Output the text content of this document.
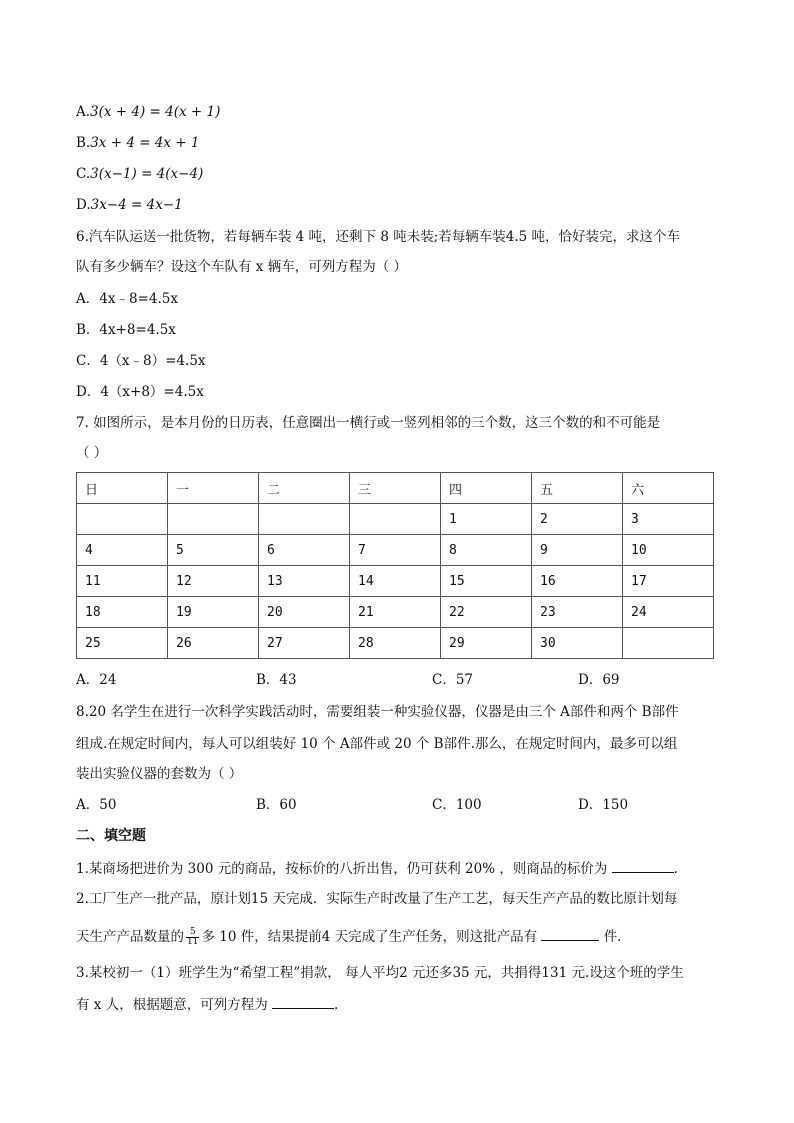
A.3(x + 4) = 4(x + 1)
B.3x + 4 = 4x + 1
C.3(x−1) = 4(x−4)
D.3x−4 = 4x−1
6.汽车队运送一批货物，若每辆车装 4 吨，还剩下 8 吨未装;若每辆车装4.5 吨，恰好装完，求这个车
队有多少辆车？设这个车队有 x 辆车，可列方程为（ ）
A．4x﹣8=4.5x
B．4x+8=4.5x
C．4（x﹣8）=4.5x
D．4（x+8）=4.5x
7. 如图所示，是本月份的日历表，任意圈出一横行或一竖列相邻的三个数，这三个数的和不可能是
（ ）
日	一	二	三	四	五	六
				1	2	3
4	5	6	7	8	9	10
11	12	13	14	15	16	17
18	19	20	21	22	23	24
25	26	27	28	29	30	
A．24	B．43	C．57	D．69
8.20 名学生在进行一次科学实践活动时，需要组装一种实验仪器，仪器是由三个 A部件和两个 B部件
组成.在规定时间内，每人可以组装好 10 个 A部件或 20 个 B部件.那么，在规定时间内，最多可以组
装出实验仪器的套数为（ ）
A．50	B．60	C．100	D．150
二、填空题
1.某商场把进价为 300 元的商品，按标价的八折出售，仍可获利 20% ，则商品的标价为	.
2.工厂生产一批产品，原计划15 天完成．实际生产时改量了生产工艺，每天生产产品的数比原计划每
天生产产品数量的 $\frac{5}{11}$ 多 10 件，结果提前4 天完成了生产任务，则这批产品有	件．
3.某校初一（1）班学生为“希望工程”捐款， 每人平均2 元还多35 元，共捐得131 元.设这个班的学生
有 x 人，根据题意，可列方程为	.
